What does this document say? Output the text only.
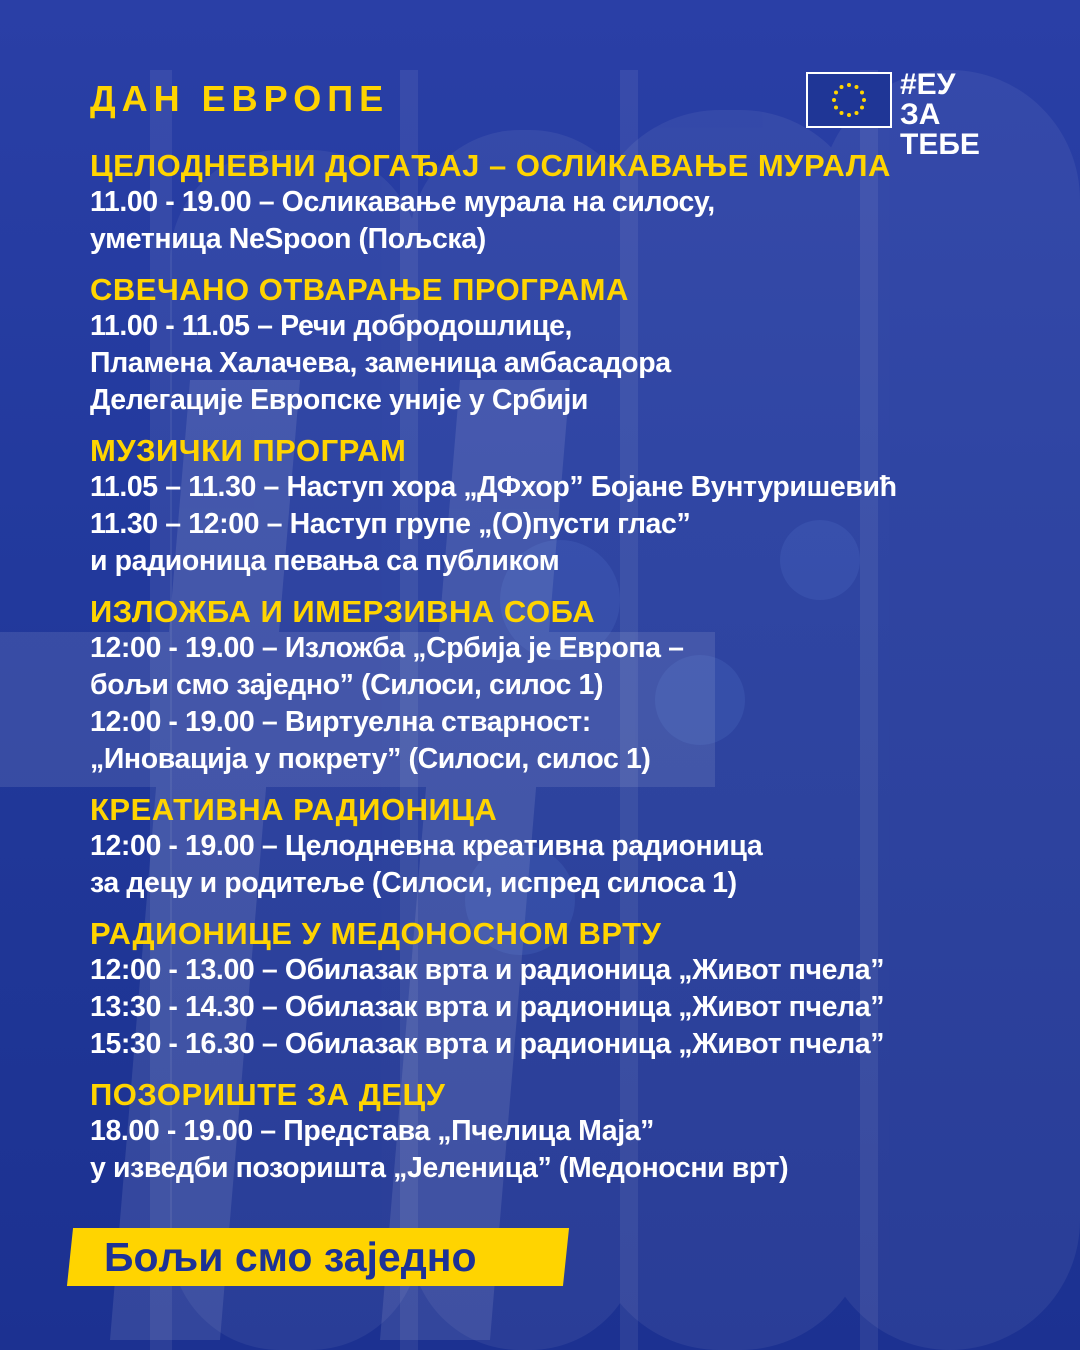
ДАН ЕВРОПЕ	#ЕУ
ЗА ТЕБЕ

ЦЕЛОДНЕВНИ ДОГАЂАЈ – ОСЛИКАВАЊЕ МУРАЛА

11.00 - 19.00 – Осликавање мурала на силосу,

уметница NeSpoon (Пољска)

СВЕЧАНО ОТВАРАЊЕ ПРОГРАМА

11.00 - 11.05 – Речи добродошлице,

Пламена Халачева, заменица амбасадора

Делегације Европске уније у Србији

МУЗИЧКИ ПРОГРАМ

11.05 – 11.30 – Наступ хора „ДФхор” Бојане Вунтуришевић

11.30 – 12:00 – Наступ групе „(О)пусти глас”

и радионица певања са публиком

ИЗЛОЖБА И ИМЕРЗИВНА СОБА

12:00 - 19.00 – Изложба „Србија је Европа –

бољи смо заједно” (Силоси, силос 1)

12:00 - 19.00 – Виртуелна стварност:

„Иновација у покрету” (Силоси, силос 1)

КРЕАТИВНА РАДИОНИЦА

12:00 - 19.00 – Целодневна креативна радионица

за децу и родитеље (Силоси, испред силоса 1)

РАДИОНИЦЕ У МЕДОНОСНОМ ВРТУ

12:00 - 13.00 – Обилазак врта и радионица „Живот пчела”

13:30 - 14.30 – Обилазак врта и радионица „Живот пчела”

15:30 - 16.30 – Обилазак врта и радионица „Живот пчела”

ПОЗОРИШТЕ ЗА ДЕЦУ

18.00 - 19.00 – Представа „Пчелица Маја”

у изведби позоришта „Јеленица” (Медоносни врт)

Бољи смо заједно
